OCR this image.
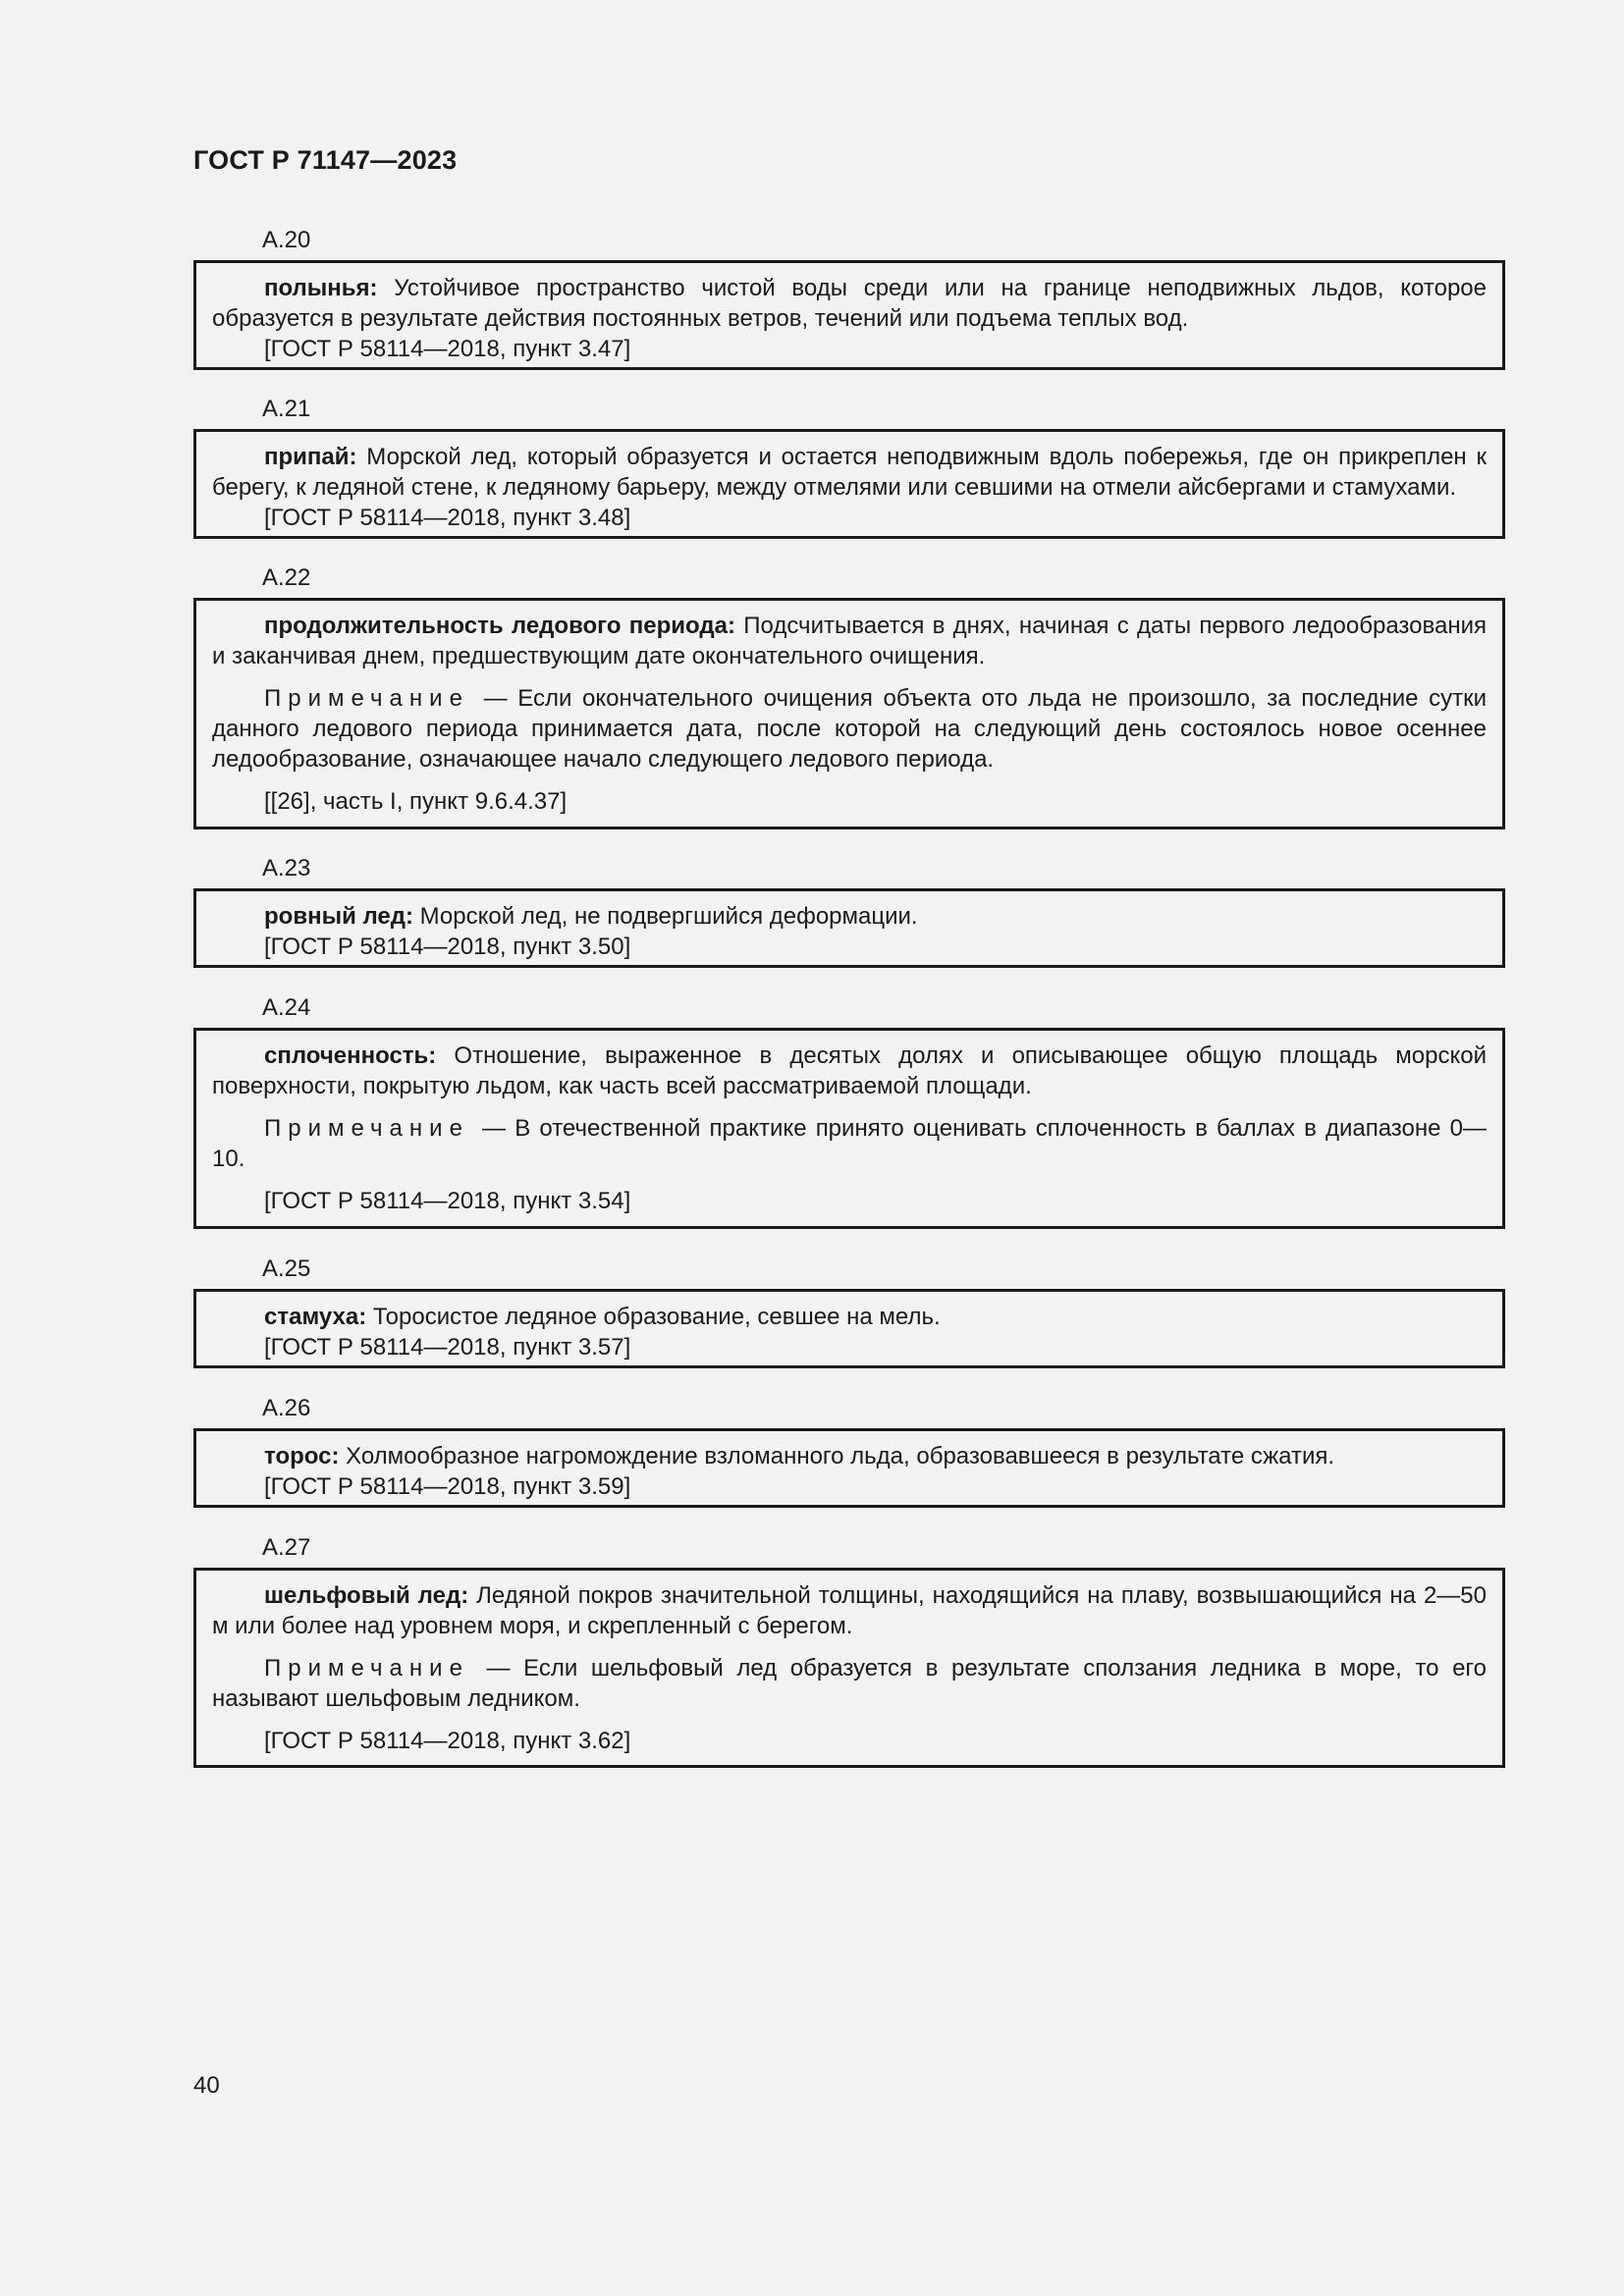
ГОСТ Р 71147—2023
А.20

полынья: Устойчивое пространство чистой воды среди или на границе неподвижных льдов, которое образуется в результате действия постоянных ветров, течений или подъема теплых вод.

[ГОСТ Р 58114—2018, пункт 3.47]

А.21

припай: Морской лед, который образуется и остается неподвижным вдоль побережья, где он прикреплен к берегу, к ледяной стене, к ледяному барьеру, между отмелями или севшими на отмели айсбергами и стамухами.

[ГОСТ Р 58114—2018, пункт 3.48]

А.22

продолжительность ледового периода: Подсчитывается в днях, начиная с даты первого ледообразования и заканчивая днем, предшествующим дате окончательного очищения.

Примечание — Если окончательного очищения объекта ото льда не произошло, за последние сутки данного ледового периода принимается дата, после которой на следующий день состоялось новое осеннее ледообразование, означающее начало следующего ледового периода.

[[26], часть I, пункт 9.6.4.37]

А.23

ровный лед: Морской лед, не подвергшийся деформации.

[ГОСТ Р 58114—2018, пункт 3.50]

А.24

сплоченность: Отношение, выраженное в десятых долях и описывающее общую площадь морской поверхности, покрытую льдом, как часть всей рассматриваемой площади.

Примечание — В отечественной практике принято оценивать сплоченность в баллах в диапазоне 0—10.

[ГОСТ Р 58114—2018, пункт 3.54]

А.25

стамуха: Торосистое ледяное образование, севшее на мель.

[ГОСТ Р 58114—2018, пункт 3.57]

А.26

торос: Холмообразное нагромождение взломанного льда, образовавшееся в результате сжатия.

[ГОСТ Р 58114—2018, пункт 3.59]

А.27

шельфовый лед: Ледяной покров значительной толщины, находящийся на плаву, возвышающийся на 2—50 м или более над уровнем моря, и скрепленный с берегом.

Примечание — Если шельфовый лед образуется в результате сползания ледника в море, то его называют шельфовым ледником.

[ГОСТ Р 58114—2018, пункт 3.62]

40
